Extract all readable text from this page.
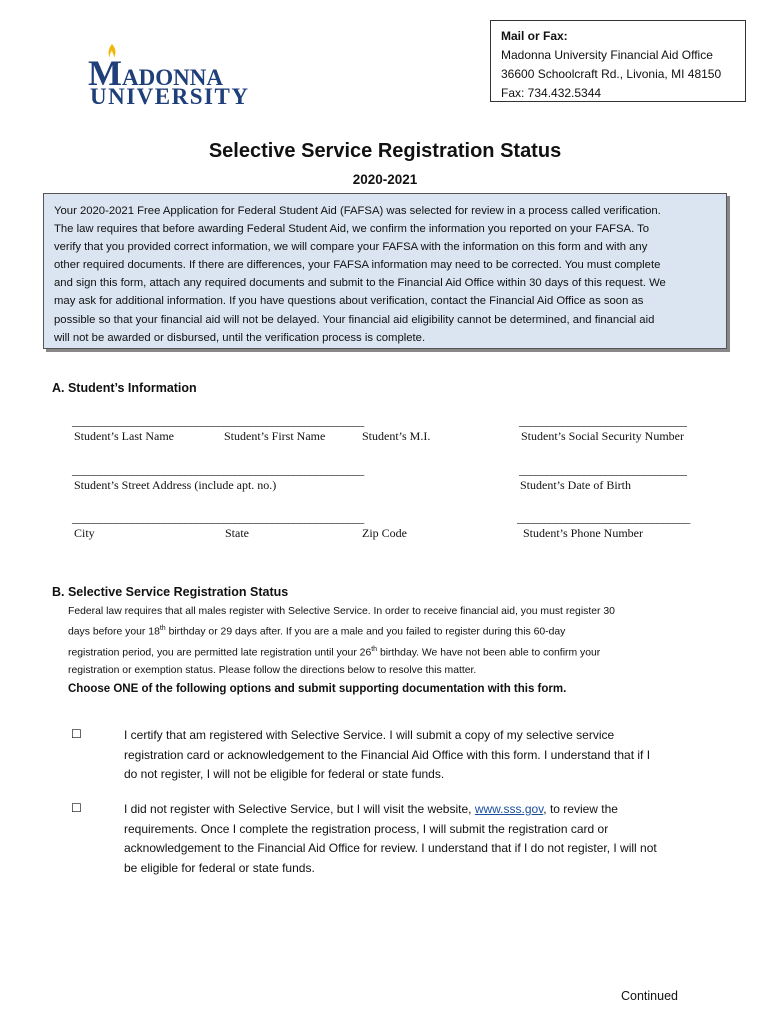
MADONNA
UNIVERSITY
Mail or Fax:
Madonna University Financial Aid Office
36600 Schoolcraft Rd., Livonia, MI 48150
Fax: 734.432.5344
Selective Service Registration Status
2020-2021
Your 2020-2021 Free Application for Federal Student Aid (FAFSA) was selected for review in a process called verification.
The law requires that before awarding Federal Student Aid, we confirm the information you reported on your FAFSA. To
verify that you provided correct information, we will compare your FAFSA with the information on this form and with any
other required documents. If there are differences, your FAFSA information may need to be corrected. You must complete
and sign this form, attach any required documents and submit to the Financial Aid Office within 30 days of this request. We
may ask for additional information. If you have questions about verification, contact the Financial Aid Office as soon as
possible so that your financial aid will not be delayed. Your financial aid eligibility cannot be determined, and financial aid
will not be awarded or disbursed, until the verification process is complete.
A. Student’s Information
______________________________________________________	_______________________________
Student’s Last Name	Student’s First Name	Student’s M.I.	Student’s Social Security Number
______________________________________________________	_______________________________
Student’s Street Address (include apt. no.)	Student’s Date of Birth
______________________________________________________	________________________________
City	State	Zip Code	Student’s Phone Number
B. Selective Service Registration Status
Federal law requires that all males register with Selective Service. In order to receive financial aid, you must register 30
days before your 18th birthday or 29 days after. If you are a male and you failed to register during this 60-day
registration period, you are permitted late registration until your 26th birthday. We have not been able to confirm your
registration or exemption status. Please follow the directions below to resolve this matter.
Choose ONE of the following options and submit supporting documentation with this form.
☐	I certify that am registered with Selective Service. I will submit a copy of my selective service
registration card or acknowledgement to the Financial Aid Office with this form. I understand that if I
do not register, I will not be eligible for federal or state funds.
☐	I did not register with Selective Service, but I will visit the website, www.sss.gov, to review the
requirements. Once I complete the registration process, I will submit the registration card or
acknowledgement to the Financial Aid Office for review. I understand that if I do not register, I will not
be eligible for federal or state funds.
Continued
